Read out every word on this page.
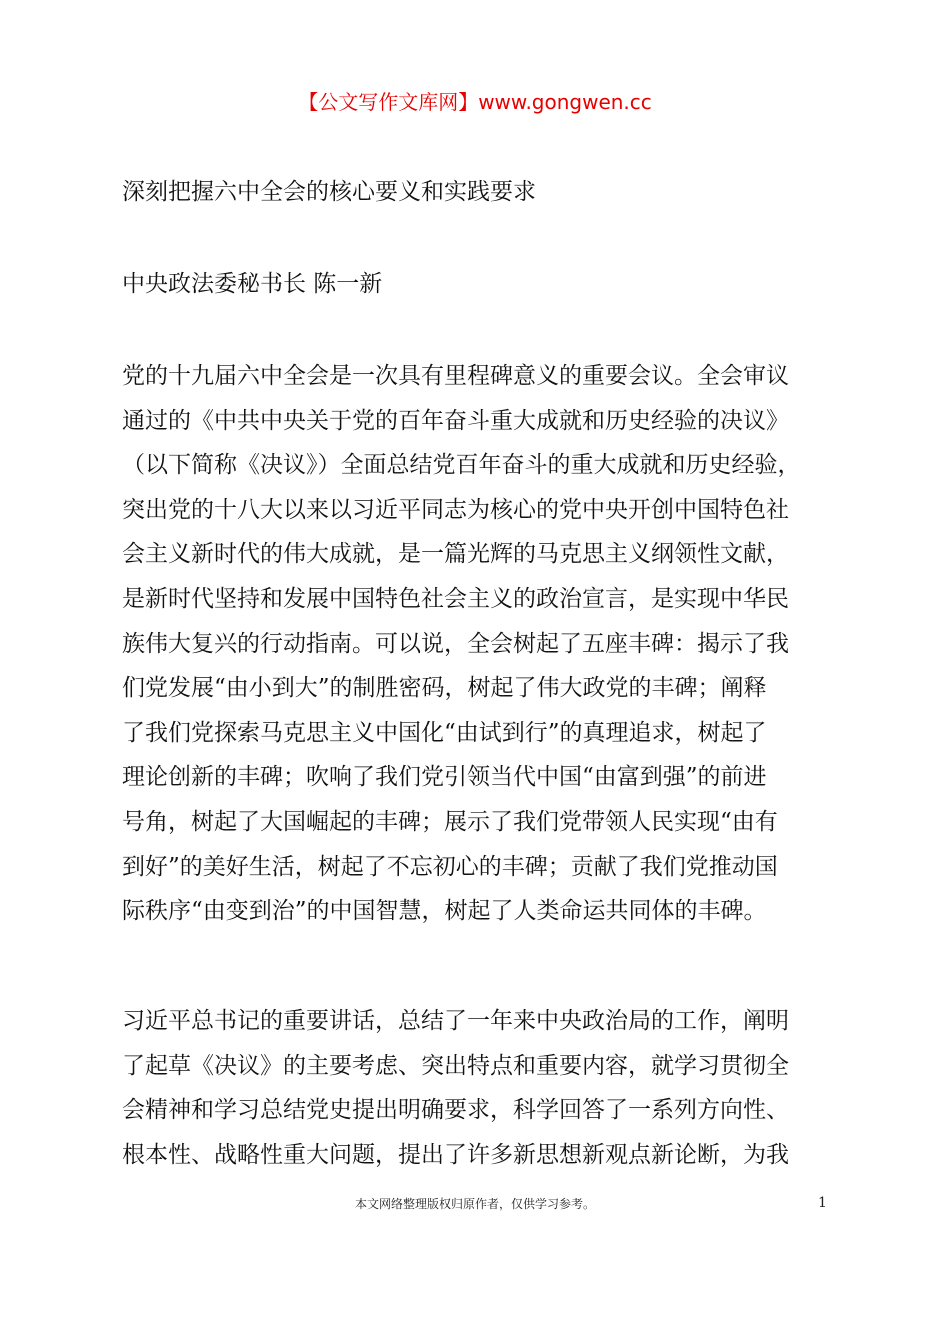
【公文写作文库网】www.gongwen.cc
深刻把握六中全会的核心要义和实践要求

中央政法委秘书长 陈一新

党的十九届六中全会是一次具有里程碑意义的重要会议。全会审议
通过的《中共中央关于党的百年奋斗重大成就和历史经验的决议》
（以下简称《决议》）全面总结党百年奋斗的重大成就和历史经验，
突出党的十八大以来以习近平同志为核心的党中央开创中国特色社
会主义新时代的伟大成就，是一篇光辉的马克思主义纲领性文献，
是新时代坚持和发展中国特色社会主义的政治宣言，是实现中华民
族伟大复兴的行动指南。可以说，全会树起了五座丰碑：揭示了我
们党发展“由小到大”的制胜密码，树起了伟大政党的丰碑；阐释
了我们党探索马克思主义中国化“由试到行”的真理追求，树起了
理论创新的丰碑；吹响了我们党引领当代中国“由富到强”的前进
号角，树起了大国崛起的丰碑；展示了我们党带领人民实现“由有
到好”的美好生活，树起了不忘初心的丰碑；贡献了我们党推动国
际秩序“由变到治”的中国智慧，树起了人类命运共同体的丰碑。
习近平总书记的重要讲话，总结了一年来中央政治局的工作，阐明
了起草《决议》的主要考虑、突出特点和重要内容，就学习贯彻全
会精神和学习总结党史提出明确要求，科学回答了一系列方向性、
根本性、战略性重大问题，提出了许多新思想新观点新论断，为我
本文网络整理版权归原作者，仅供学习参考。	1
